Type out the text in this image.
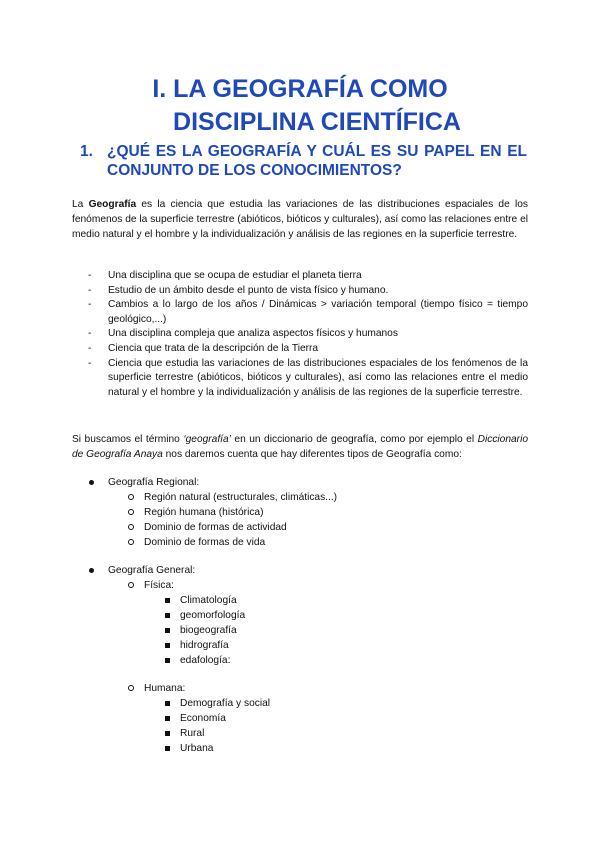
I. LA GEOGRAFÍA COMO
DISCIPLINA CIENTÍFICA
1. ¿QUÉ ES LA GEOGRAFÍA Y CUÁL ES SU PAPEL EN EL CONJUNTO DE LOS CONOCIMIENTOS?

La Geografía es la ciencia que estudia las variaciones de las distribuciones espaciales de los fenómenos de la superficie terrestre (abióticos, bióticos y culturales), así como las relaciones entre el medio natural y el hombre y la individualización y análisis de las regiones en la superficie terrestre.

- Una disciplina que se ocupa de estudiar el planeta tierra
- Estudio de un ámbito desde el punto de vista físico y humano.
- Cambios a lo largo de los años / Dinámicas > variación temporal (tiempo físico = tiempo geológico,...)
- Una disciplina compleja que analiza aspectos físicos y humanos
- Ciencia que trata de la descripción de la Tierra
- Ciencia que estudia las variaciones de las distribuciones espaciales de los fenómenos de la superficie terrestre (abióticos, bióticos y culturales), así como las relaciones entre el medio natural y el hombre y la individualización y análisis de las regiones de la superficie terrestre.

Si buscamos el término ‘geografía’ en un diccionario de geografía, como por ejemplo el Diccionario de Geografía Anaya nos daremos cuenta que hay diferentes tipos de Geografía como:

Geografía Regional:
Región natural (estructurales, climáticas...)
Región humana (histórica)
Dominio de formas de actividad
Dominio de formas de vida
Geografía General:
Física:
Climatología
geomorfología
biogeografía
hidrografía
edafología:
Humana:
Demografía y social
Economía
Rural
Urbana
